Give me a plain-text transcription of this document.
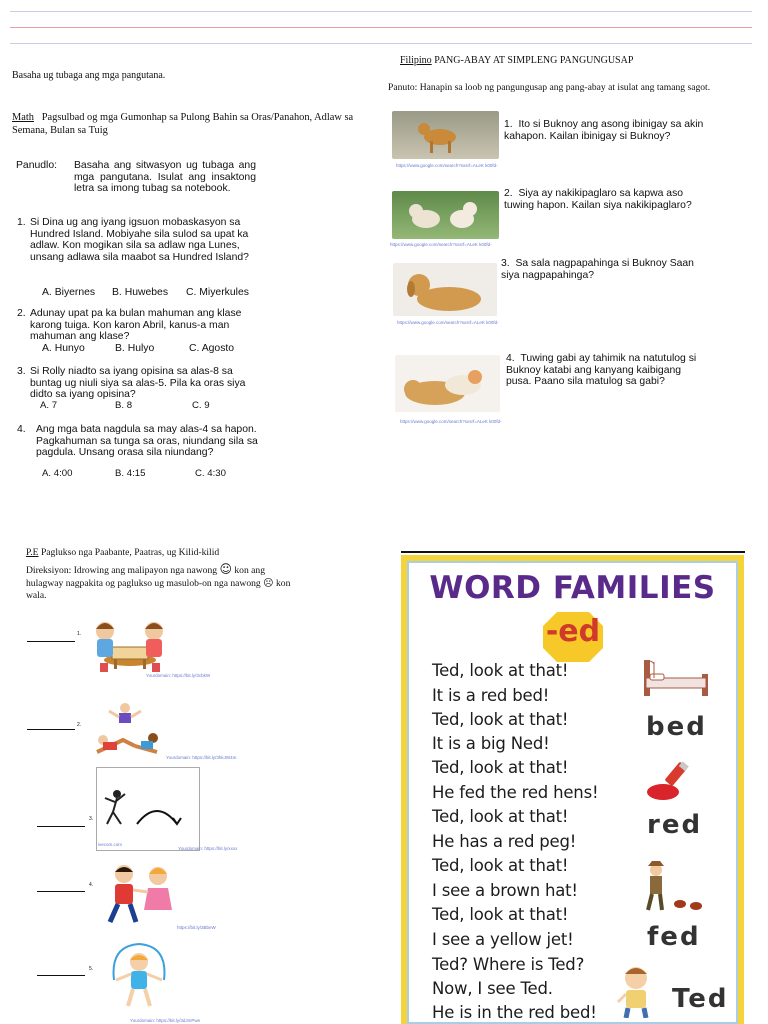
Basaha ug tubaga ang mga pangutana.
Math Pagsulbad og mga Gumonhap sa Pulong Bahin sa Oras/Panahon, Adlaw sa Semana, Bulan sa Tuig
Panudlo:	Basaha ang sitwasyon ug tubaga ang mga pangutana. Isulat ang insaktong letra sa imong tubag sa notebook.
1. Si Dina ug ang iyang igsuon mobaskasyon sa Hundred Island. Mobiyahe sila sulod sa upat ka adlaw. Kon mogikan sila sa adlaw nga Lunes, unsang adlawa sila maabot sa Hundred Island?
A. Biyernes B. Huwebes C. Miyerkules
2. Adunay upat pa ka bulan mahuman ang klase karong tuiga. Kon karon Abril, kanus-a man mahuman ang klase?
A. Hunyo	B. Hulyo	C. Agosto
3. Si Rolly niadto sa iyang opisina sa alas-8 sa buntag ug niuli siya sa alas-5. Pila ka oras siya didto sa iyang opisina?
A. 7	B. 8	C. 9
4. Ang mga bata nagdula sa may alas-4 sa hapon. Pagkahuman sa tunga sa oras, niundang sila sa pagdula. Unsang orasa sila niundang?
A. 4:00	B. 4:15	C. 4:30
P.E Paglukso nga Paabante, Paatras, ug Kilid-kilid
Direksiyon: Idrowing ang malipayon nga nawong ☺ kon ang hulagway nagpakita og paglukso ug masulob-on nga nawong ☹ kon wala.
1.
Yourdomain: https://bit.ly/3cbkW
2.
Yourdomain: https://bit.ly/3hkJW4m
3.
ivecom.com
Yourdomain: https://bit.ly/xxxx
4.
https://bit.ly/3BbeW
5.
Yourdomain: https://bit.ly/3dJmPwe
Filipino PANG-ABAY AT SIMPLENG PANGUNGUSAP
Panuto: Hanapin sa loob ng pangungusap ang pang-abay at isulat ang tamang sagot.
https://www.google.com/search?sxsrf=ALeK k00fd-
1. Ito si Buknoy ang asong ibinigay sa akin kahapon. Kailan ibinigay si Buknoy?
https://www.google.com/search?sxsrf=ALeK k00fd-
2. Siya ay nakikipaglaro sa kapwa aso tuwing hapon. Kailan siya nakikipaglaro?
https://www.google.com/search?sxsrf=ALeK k00fd-
3. Sa sala nagpapahinga si Buknoy Saan siya nagpapahinga?
https://www.google.com/search?sxsrf=ALeK k00fd-
4. Tuwing gabi ay tahimik na natutulog si Buknoy katabi ang kanyang kaibigang pusa. Paano sila matulog sa gabi?
WORD FAMILIES
-ed
Ted, look at that!
It is a red bed!
Ted, look at that!
It is a big Ned!
Ted, look at that!
He fed the red hens!
Ted, look at that!
He has a red peg!
Ted, look at that!
I see a brown hat!
Ted, look at that!
I see a yellow jet!
Ted? Where is Ted?
Now, I see Ted.
He is in the red bed!
bed
red
fed
Ted
